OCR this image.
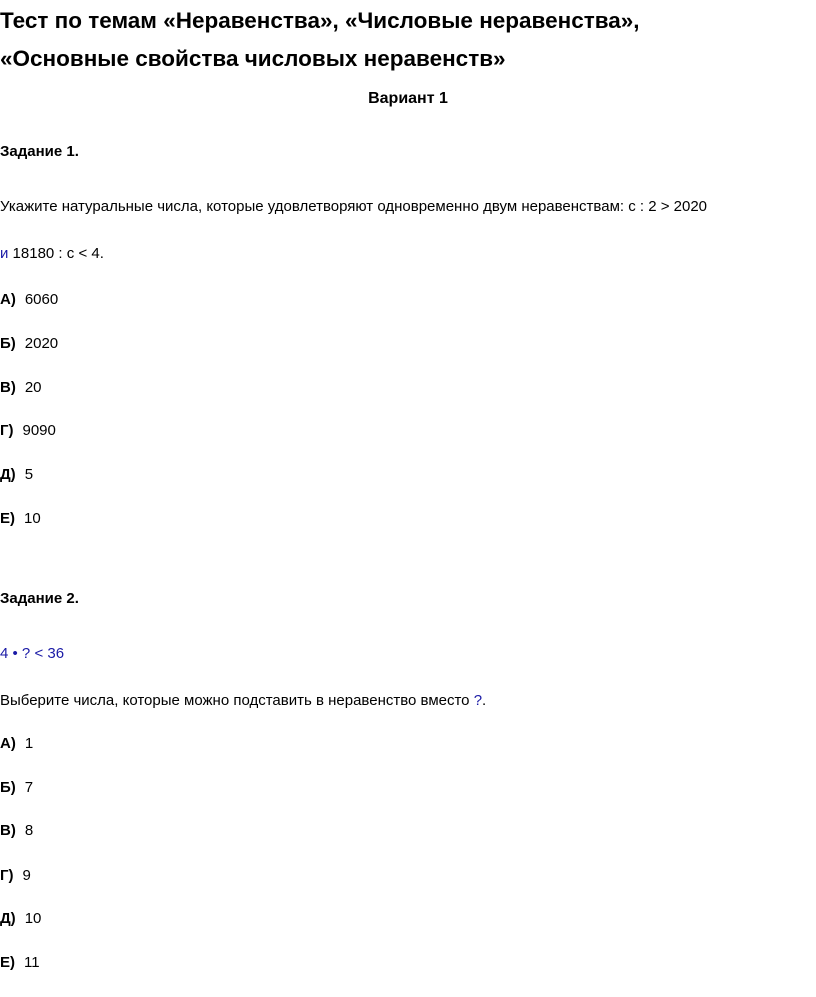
Тест по темам «Неравенства», «Числовые неравенства»,
«Основные свойства числовых неравенств»
Вариант 1
Задание 1.
Укажите натуральные числа, которые удовлетворяют одновременно двум неравенствам: с : 2 > 2020
и 18180 : с < 4.
А) 6060
Б) 2020
В) 20
Г) 9090
Д) 5
Е) 10
Задание 2.
4 • ? < 36
Выберите числа, которые можно подставить в неравенство вместо ?.
А) 1
Б) 7
В) 8
Г) 9
Д) 10
Е) 11
